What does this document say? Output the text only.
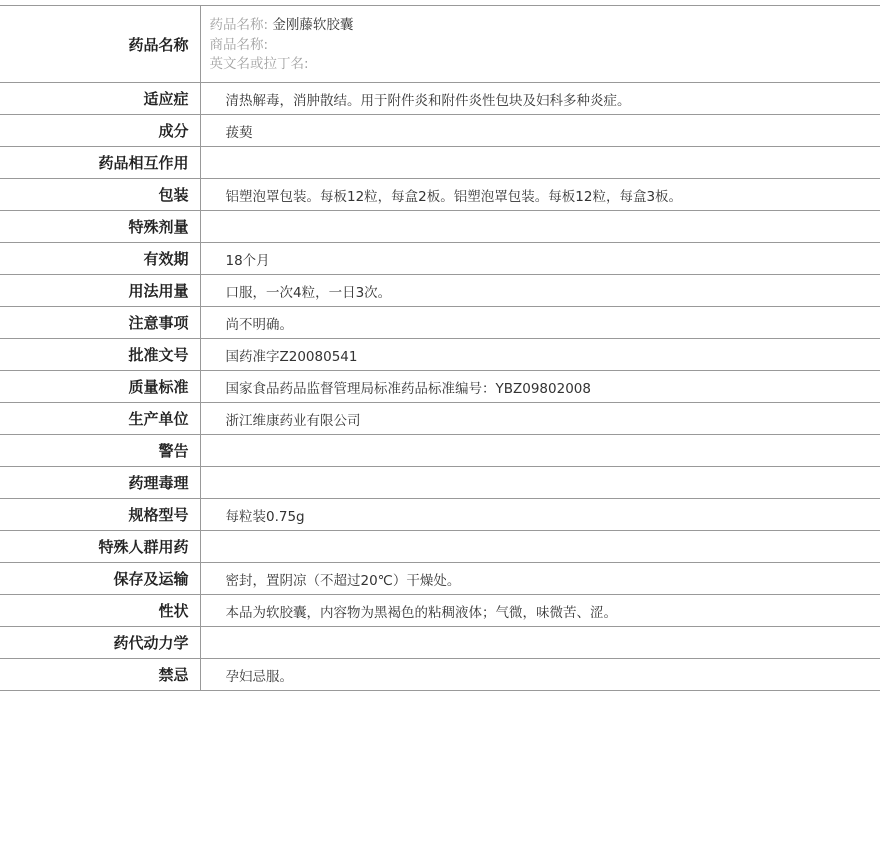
药品名称	药品名称: 金刚藤软胶囊
商品名称:
英文名或拉丁名:

适应症	清热解毒，消肿散结。用于附件炎和附件炎性包块及妇科多种炎症。
成分	菝葜
药品相互作用	
包装	铝塑泡罩包装。每板12粒，每盒2板。铝塑泡罩包装。每板12粒，每盒3板。
特殊剂量	
有效期	18个月
用法用量	口服，一次4粒，一日3次。
注意事项	尚不明确。
批准文号	国药准字Z20080541
质量标准	国家食品药品监督管理局标准药品标准编号：YBZ09802008
生产单位	浙江维康药业有限公司
警告	
药理毒理	
规格型号	每粒装0.75g
特殊人群用药	
保存及运输	密封，置阴凉（不超过20℃）干燥处。
性状	本品为软胶囊，内容物为黑褐色的粘稠液体；气微，味微苦、涩。
药代动力学	
禁忌	孕妇忌服。
